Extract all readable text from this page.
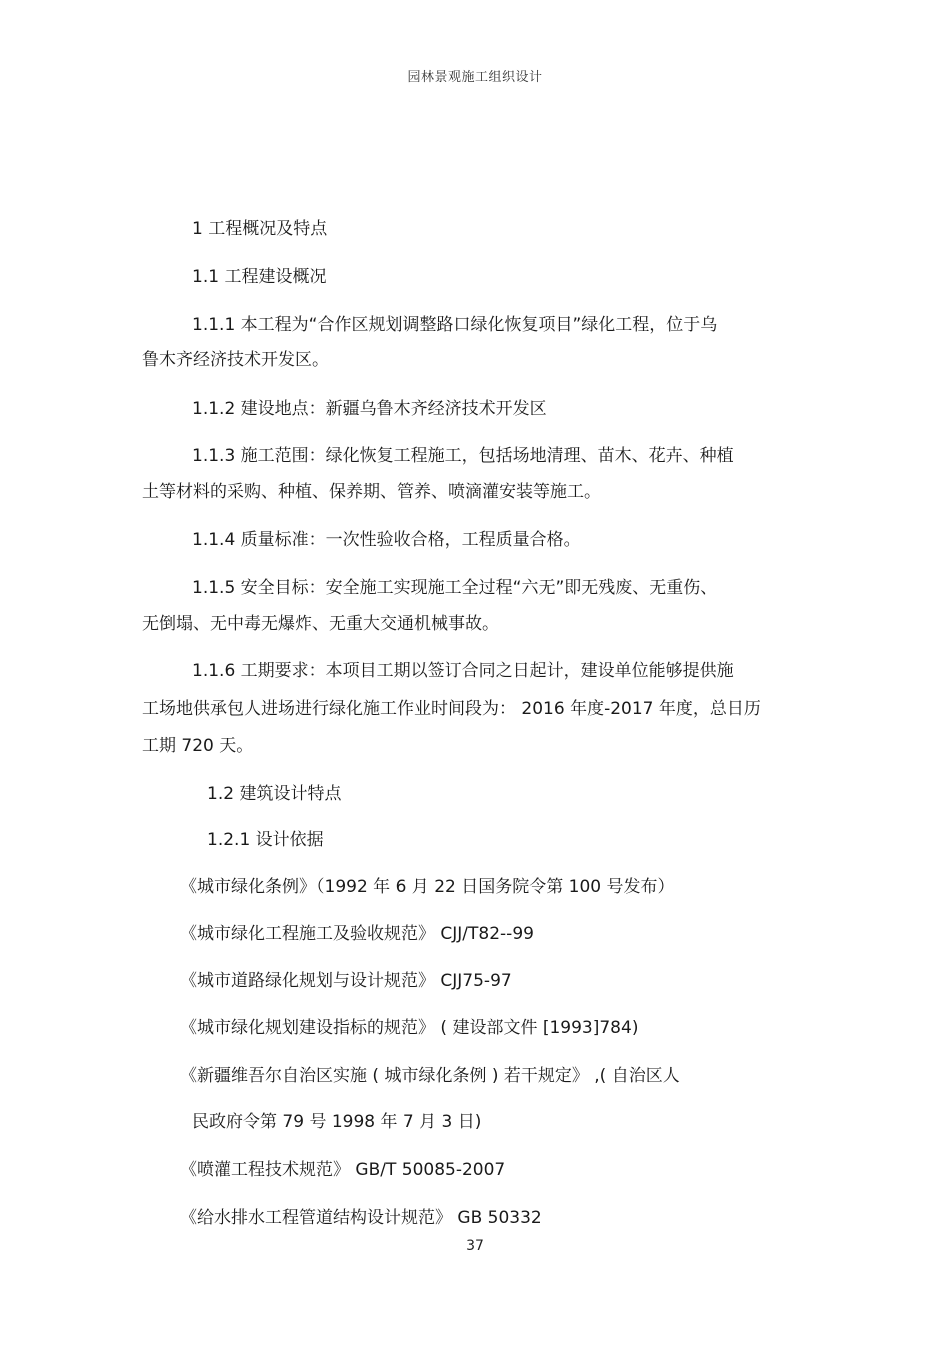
园林景观施工组织设计
1 工程概况及特点
1.1 工程建设概况
1.1.1 本工程为“合作区规划调整路口绿化恢复项目”绿化工程，位于乌
鲁木齐经济技术开发区。
1.1.2 建设地点：新疆乌鲁木齐经济技术开发区
1.1.3 施工范围：绿化恢复工程施工，包括场地清理、苗木、花卉、种植
土等材料的采购、种植、保养期、管养、喷滴灌安装等施工。
1.1.4 质量标准：一次性验收合格，工程质量合格。
1.1.5 安全目标：安全施工实现施工全过程“六无”即无残废、无重伤、
无倒塌、无中毒无爆炸、无重大交通机械事故。
1.1.6 工期要求：本项目工期以签订合同之日起计，建设单位能够提供施
工场地供承包人进场进行绿化施工作业时间段为： 2016 年度-2017 年度，总日历
工期 720 天。
1.2 建筑设计特点
1.2.1 设计依据
《城市绿化条例》（1992 年 6 月 22 日国务院令第 100 号发布）
《城市绿化工程施工及验收规范》 CJJ/T82--99
《城市道路绿化规划与设计规范》 CJJ75-97
《城市绿化规划建设指标的规范》 ( 建设部文件 [1993]784)
《新疆维吾尔自治区实施 ( 城市绿化条例 ) 若干规定》 ,( 自治区人
民政府令第 79 号 1998 年 7 月 3 日)
《喷灌工程技术规范》 GB/T 50085-2007
《给水排水工程管道结构设计规范》 GB 50332
37
